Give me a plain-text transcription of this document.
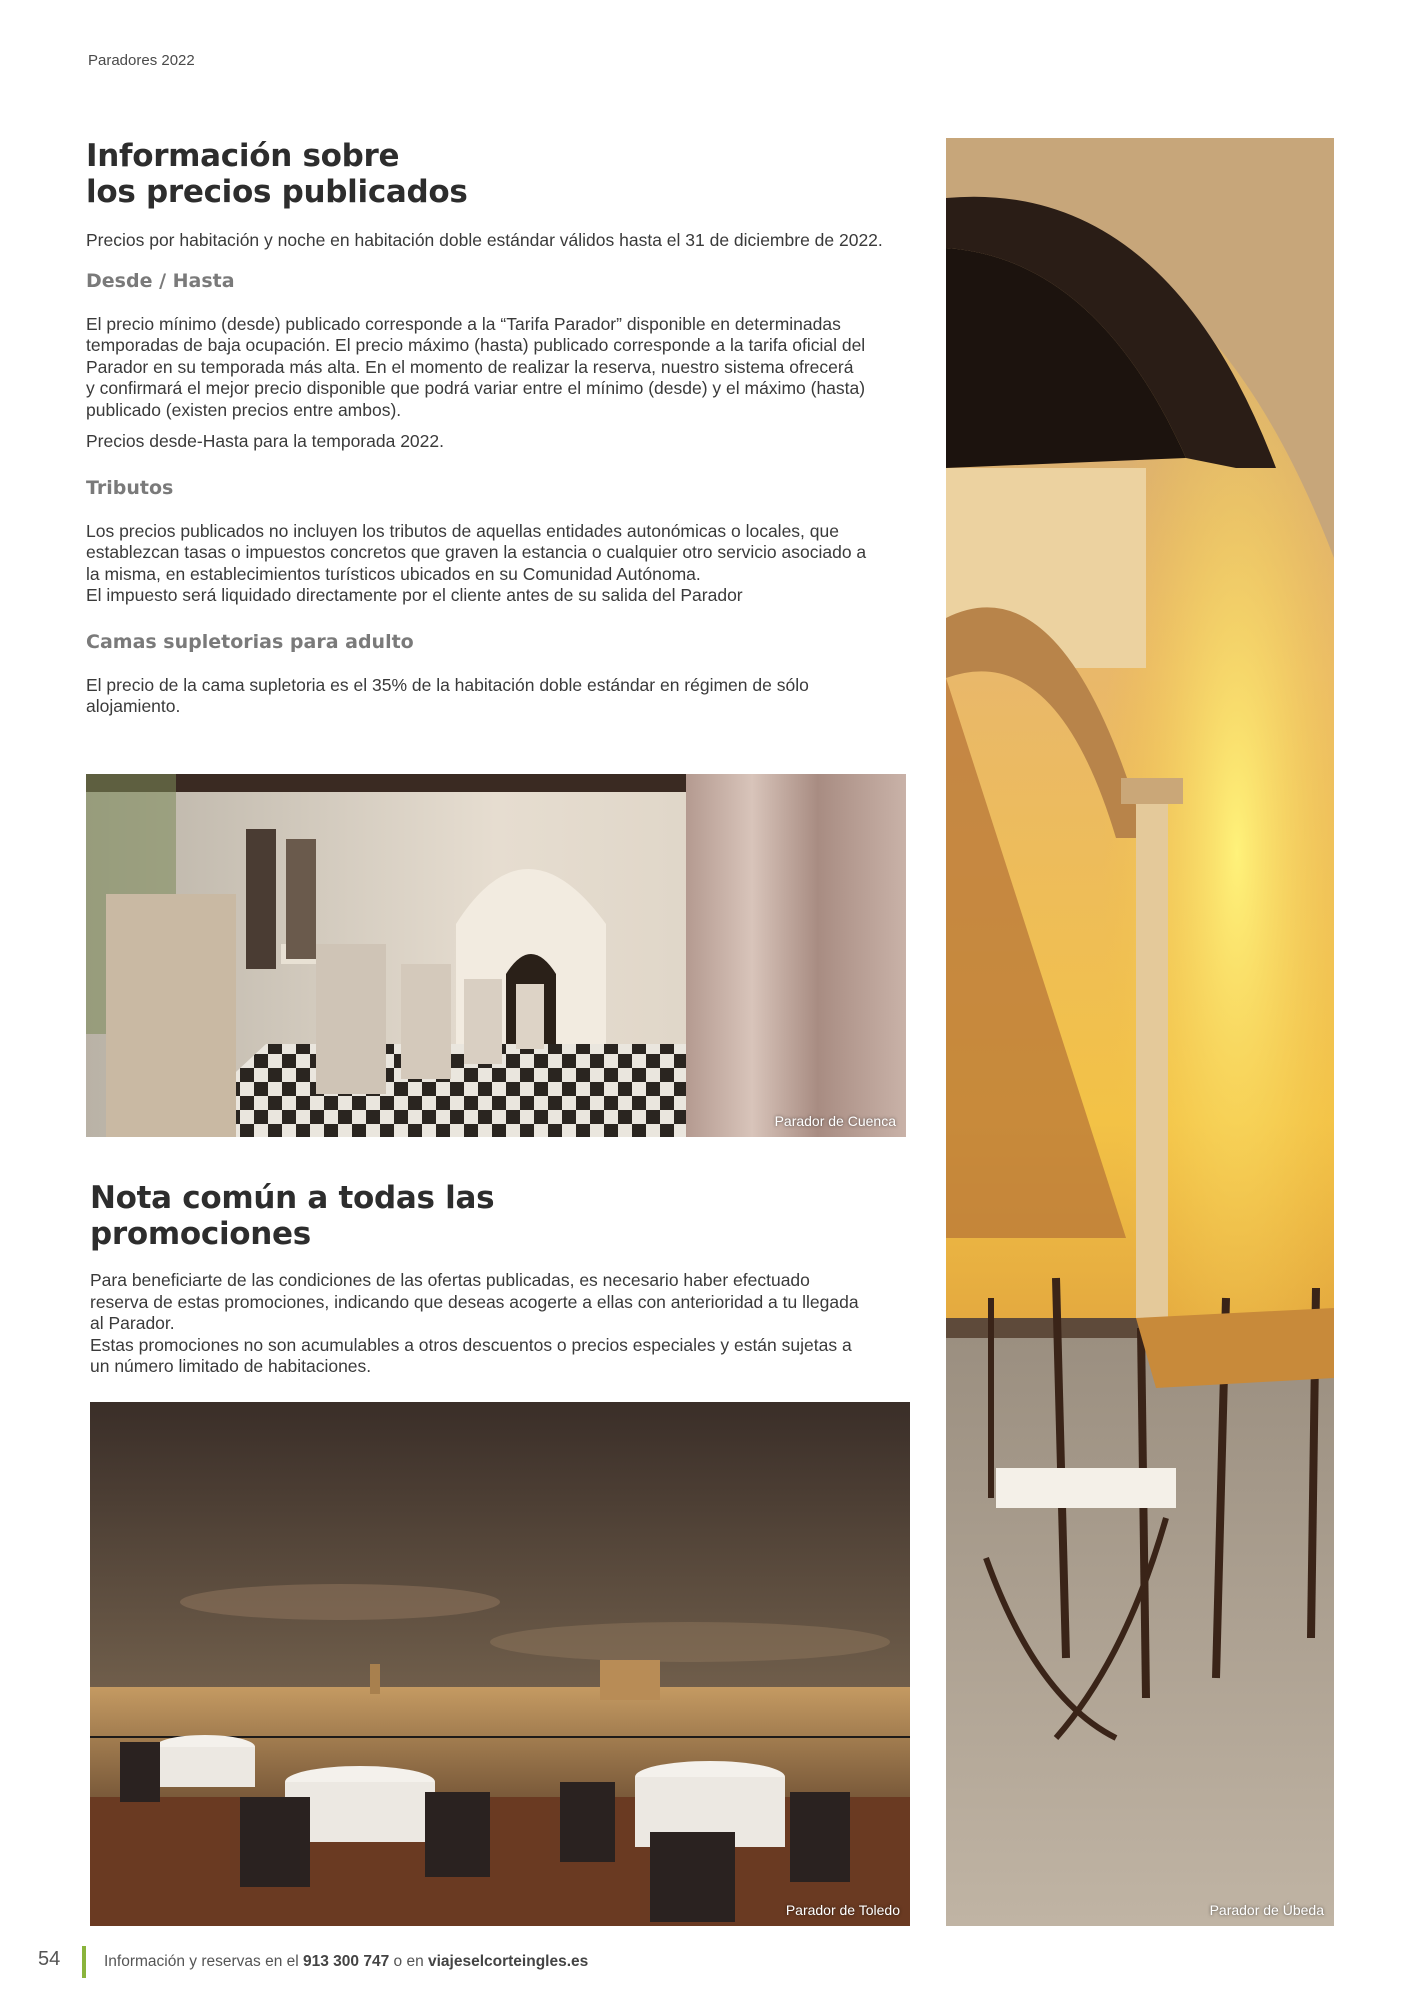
Paradores 2022
Información sobre
los precios publicados

Precios por habitación y noche en habitación doble estándar válidos hasta el 31 de diciembre de 2022.

Desde / Hasta

El precio mínimo (desde) publicado corresponde a la “Tarifa Parador” disponible en determinadas
temporadas de baja ocupación. El precio máximo (hasta) publicado corresponde a la tarifa oficial del
Parador en su temporada más alta. En el momento de realizar la reserva, nuestro sistema ofrecerá
y confirmará el mejor precio disponible que podrá variar entre el mínimo (desde) y el máximo (hasta)
publicado (existen precios entre ambos).

Precios desde-Hasta para la temporada 2022.

Tributos

Los precios publicados no incluyen los tributos de aquellas entidades autonómicas o locales, que
establezcan tasas o impuestos concretos que graven la estancia o cualquier otro servicio asociado a
la misma, en establecimientos turísticos ubicados en su Comunidad Autónoma.
El impuesto será liquidado directamente por el cliente antes de su salida del Parador

Camas supletorias para adulto

El precio de la cama supletoria es el 35% de la habitación doble estándar en régimen de sólo
alojamiento.

Parador de Cuenca
Nota común a todas las
promociones

Para beneficiarte de las condiciones de las ofertas publicadas, es necesario haber efectuado
reserva de estas promociones, indicando que deseas acogerte a ellas con anterioridad a tu llegada
al Parador.
Estas promociones no son acumulables a otros descuentos o precios especiales y están sujetas a
un número limitado de habitaciones.

Parador de Toledo	Parador de Úbeda
54	Información y reservas en el 913 300 747 o en viajeselcorteingles.es
